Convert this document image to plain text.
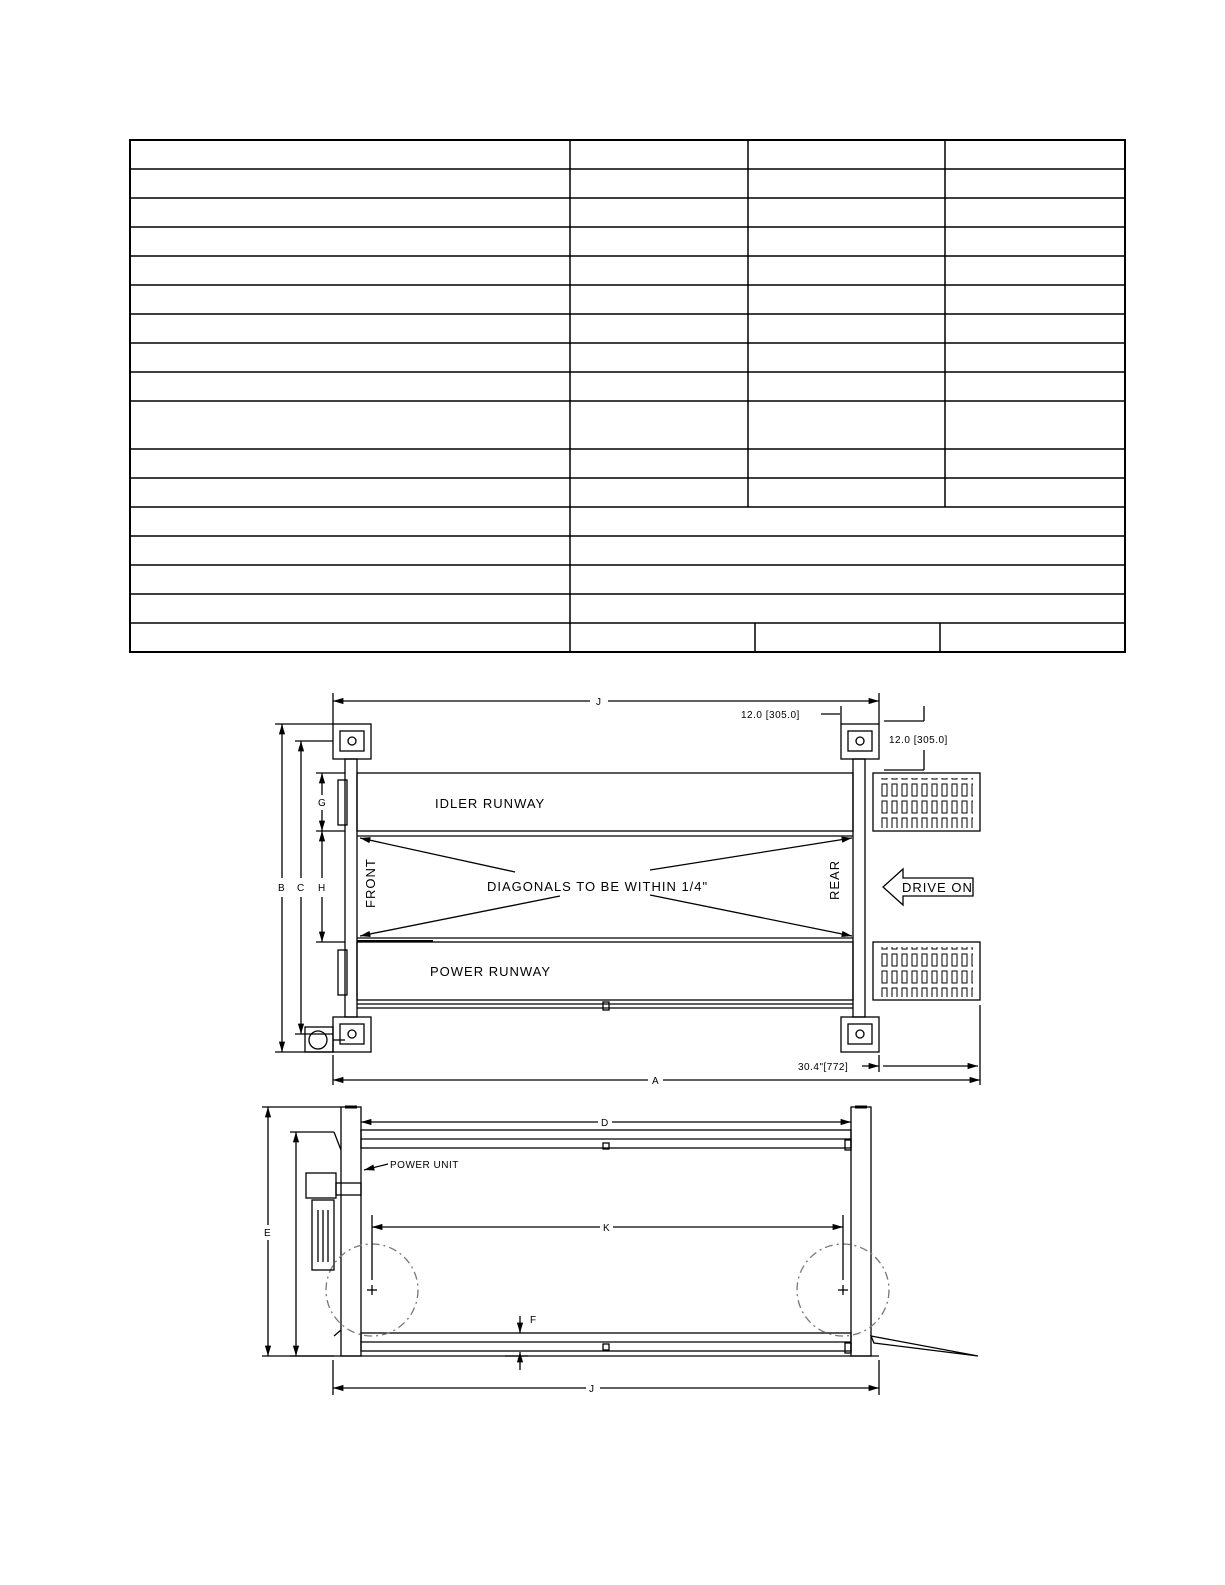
IDLER RUNWAY
POWER RUNWAY
DIAGONALS TO BE WITHIN 1/4"
FRONT	REAR	DRIVE ON
12.0 [305.0]
12.0 [305.0]
30.4"[772]
J
A
B C H
G
POWER UNIT
D
K
E
F
J
